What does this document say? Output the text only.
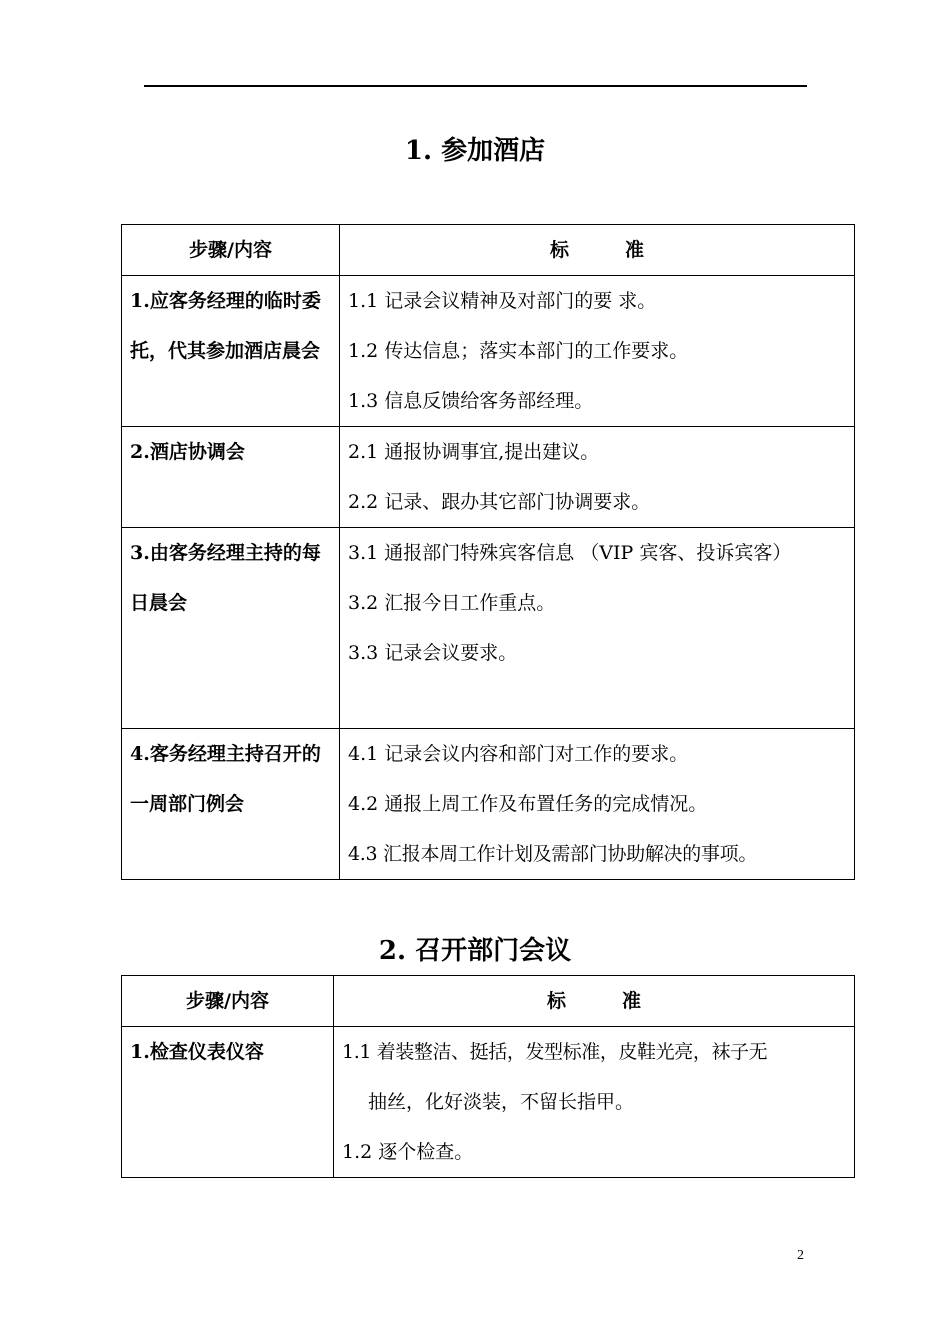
1. 参加酒店
步骤/内容	标 准
1.应客务经理的临时委托，代其参加酒店晨会	1.1 记录会议精神及对部门的要 求。
1.2 传达信息；落实本部门的工作要求。
1.3 信息反馈给客务部经理。

2.酒店协调会	2.1 通报协调事宜,提出建议。
2.2 记录、跟办其它部门协调要求。

3.由客务经理主持的每日晨会	3.1 通报部门特殊宾客信息 （VIP 宾客、投诉宾客）
3.2 汇报今日工作重点。
3.3 记录会议要求。

4.客务经理主持召开的一周部门例会	4.1 记录会议内容和部门对工作的要求。
4.2 通报上周工作及布置任务的完成情况。
4.3 汇报本周工作计划及需部门协助解决的事项。
2. 召开部门会议
步骤/内容	标 准
1.检查仪表仪容	1.1 着装整洁、挺括，发型标准，皮鞋光亮，袜子无
抽丝，化好淡装，不留长指甲。
1.2 逐个检查。
2
